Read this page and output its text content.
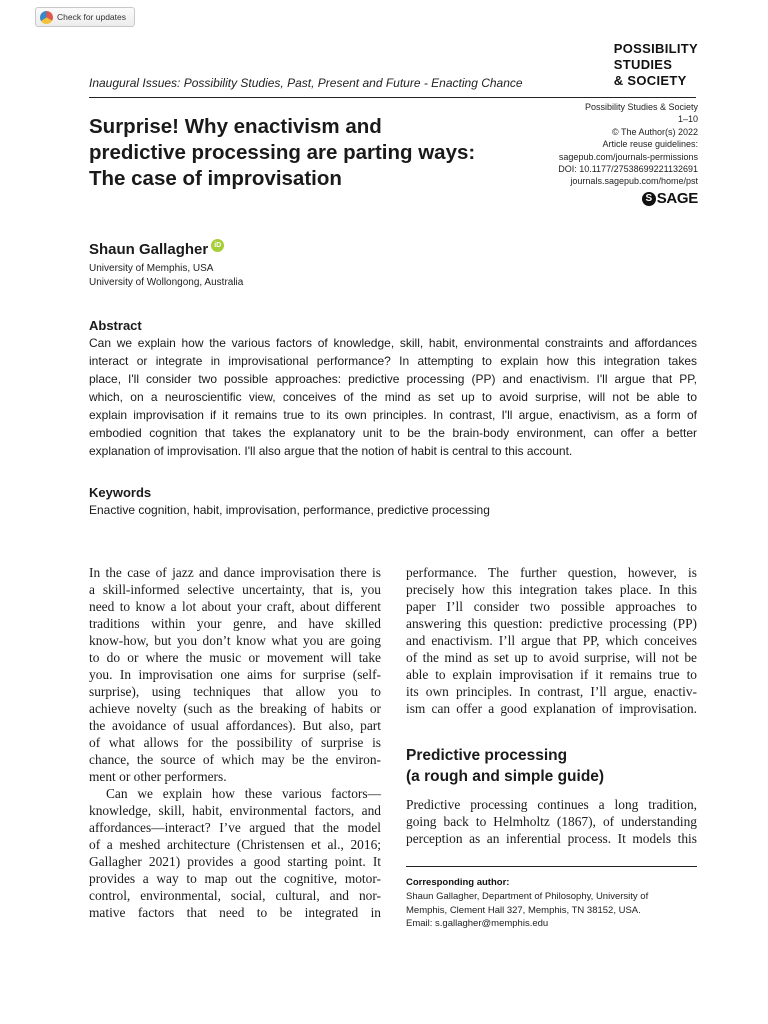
Check for updates
POSSIBILITY
STUDIES
& SOCIETY
Inaugural Issues: Possibility Studies, Past, Present and Future - Enacting Chance
Possibility Studies & Society
1–10
© The Author(s) 2022
Article reuse guidelines:
sagepub.com/journals-permissions
DOI: 10.1177/27538699221132691
journals.sagepub.com/home/pst
S SAGE
Surprise! Why enactivism and
predictive processing are parting ways:
The case of improvisation
Shaun Gallagher iD
University of Memphis, USA
University of Wollongong, Australia
Abstract
Can we explain how the various factors of knowledge, skill, habit, environmental constraints and affordances
interact or integrate in improvisational performance? In attempting to explain how this integration takes
place, I'll consider two possible approaches: predictive processing (PP) and enactivism. I'll argue that PP,
which, on a neuroscientific view, conceives of the mind as set up to avoid surprise, will not be able to
explain improvisation if it remains true to its own principles. In contrast, I'll argue, enactivism, as a form of
embodied cognition that takes the explanatory unit to be the brain-body environment, can offer a better
explanation of improvisation. I'll also argue that the notion of habit is central to this account.
Keywords
Enactive cognition, habit, improvisation, performance, predictive processing
In the case of jazz and dance improvisation there is
a skill-informed selective uncertainty, that is, you
need to know a lot about your craft, about different
traditions within your genre, and have skilled
know-how, but you don’t know what you are going
to do or where the music or movement will take
you. In improvisation one aims for surprise (self-
surprise), using techniques that allow you to
achieve novelty (such as the breaking of habits or
the avoidance of usual affordances). But also, part
of what allows for the possibility of surprise is
chance, the source of which may be the environ-
ment or other performers.
Can we explain how these various factors—
knowledge, skill, habit, environmental factors, and
affordances—interact? I’ve argued that the model
of a meshed architecture (Christensen et al., 2016;
Gallagher 2021) provides a good starting point. It
provides a way to map out the cognitive, motor-
control, environmental, social, cultural, and nor-
mative factors that need to be integrated in
performance. The further question, however, is
precisely how this integration takes place. In this
paper I’ll consider two possible approaches to
answering this question: predictive processing (PP)
and enactivism. I’ll argue that PP, which conceives
of the mind as set up to avoid surprise, will not be
able to explain improvisation if it remains true to
its own principles. In contrast, I’ll argue, enactiv-
ism can offer a good explanation of improvisation.
Predictive processing
(a rough and simple guide)
Predictive processing continues a long tradition,
going back to Helmholtz (1867), of understanding
perception as an inferential process. It models this
Corresponding author:
Shaun Gallagher, Department of Philosophy, University of
Memphis, Clement Hall 327, Memphis, TN 38152, USA.
Email: s.gallagher@memphis.edu
